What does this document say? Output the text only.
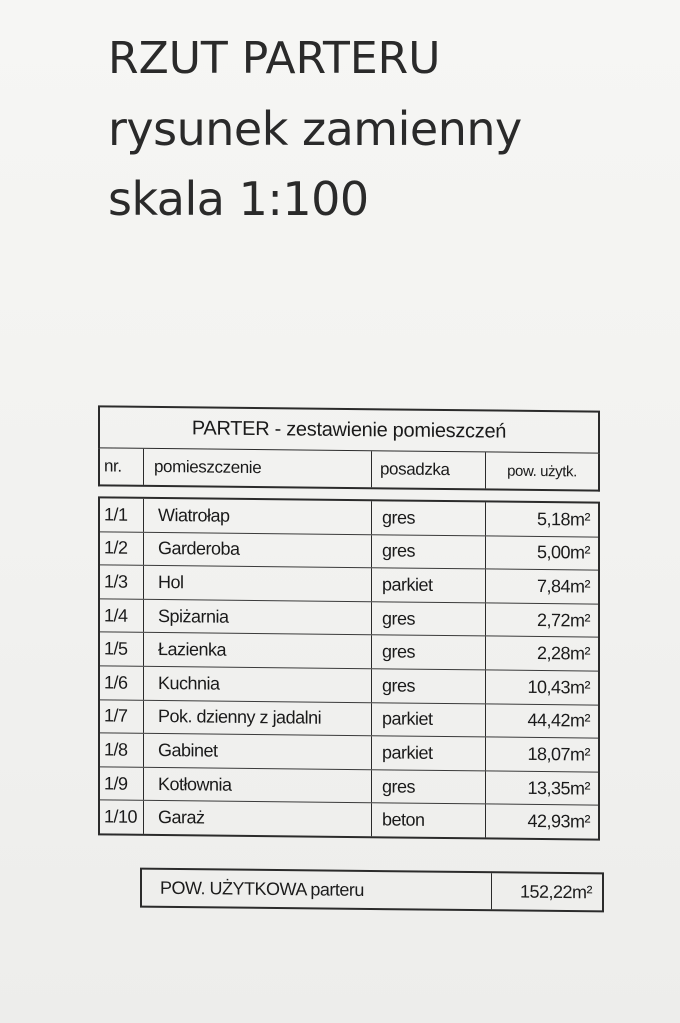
RZUT PARTERU
rysunek zamienny
skala 1:100
PARTER - zestawienie pomieszczeń
nr.	pomieszczenie	posadzka	pow. użytk.
1/1	Wiatrołap	gres	5,18m²
1/2	Garderoba	gres	5,00m²
1/3	Hol	parkiet	7,84m²
1/4	Spiżarnia	gres	2,72m²
1/5	Łazienka	gres	2,28m²
1/6	Kuchnia	gres	10,43m²
1/7	Pok. dzienny z jadalni	parkiet	44,42m²
1/8	Gabinet	parkiet	18,07m²
1/9	Kotłownia	gres	13,35m²
1/10	Garaż	beton	42,93m²
POW. UŻYTKOWA parteru	152,22m²
